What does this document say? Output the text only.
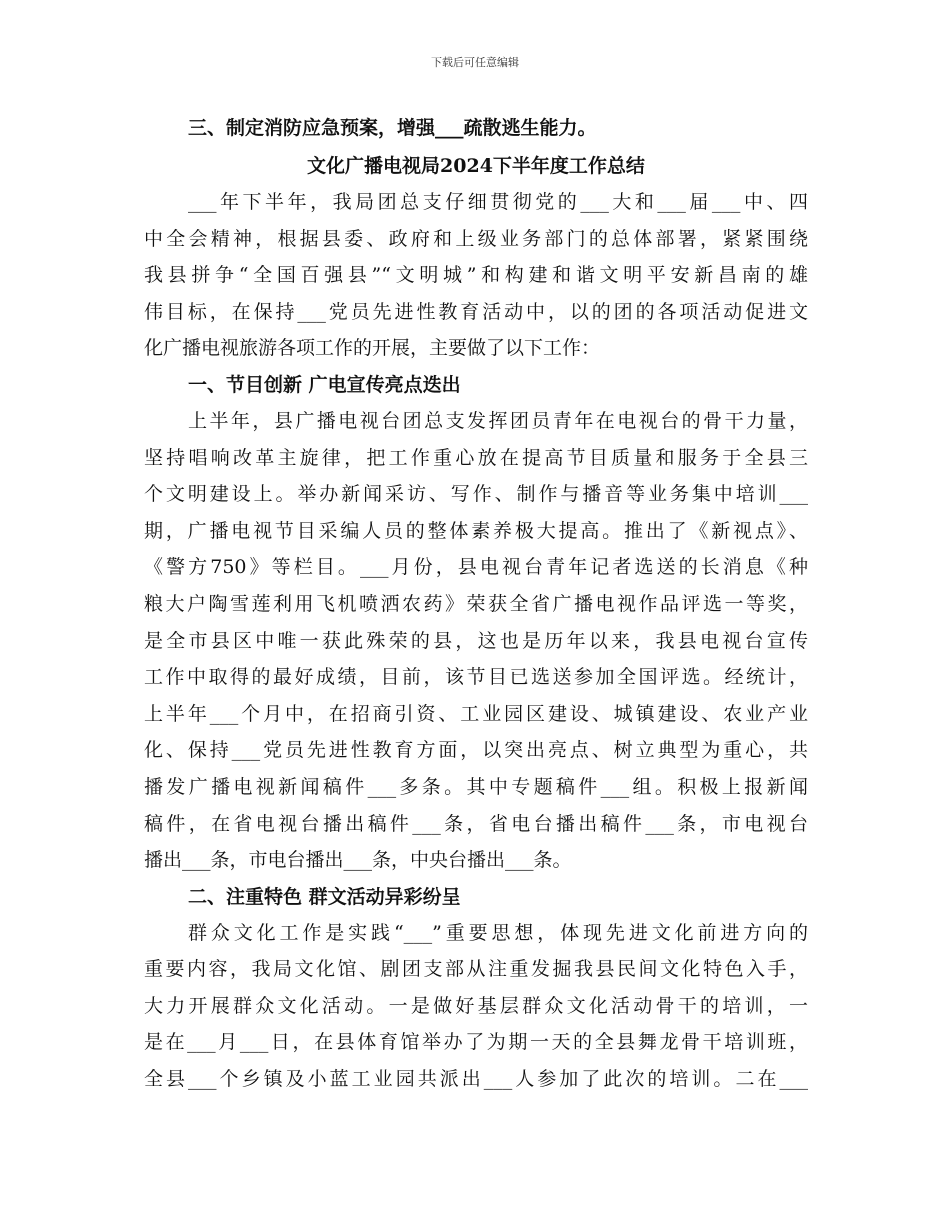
下载后可任意编辑
三、制定消防应急预案，增强___疏散逃生能力。
文化广播电视局2024下半年度工作总结
___年下半年，我局团总支仔细贯彻党的___大和___届___中、四
中全会精神，根据县委、政府和上级业务部门的总体部署，紧紧围绕
我县拼争“全国百强县”“文明城”和构建和谐文明平安新昌南的雄
伟目标，在保持___党员先进性教育活动中，以的团的各项活动促进文
化广播电视旅游各项工作的开展，主要做了以下工作：
一、节目创新 广电宣传亮点迭出
上半年，县广播电视台团总支发挥团员青年在电视台的骨干力量，
坚持唱响改革主旋律，把工作重心放在提高节目质量和服务于全县三
个文明建设上。举办新闻采访、写作、制作与播音等业务集中培训___
期，广播电视节目采编人员的整体素养极大提高。推出了《新视点》、
《警方750》等栏目。___月份，县电视台青年记者选送的长消息《种
粮大户陶雪莲利用飞机喷洒农药》荣获全省广播电视作品评选一等奖，
是全市县区中唯一获此殊荣的县，这也是历年以来，我县电视台宣传
工作中取得的最好成绩，目前，该节目已选送参加全国评选。经统计，
上半年___个月中，在招商引资、工业园区建设、城镇建设、农业产业
化、保持___党员先进性教育方面，以突出亮点、树立典型为重心，共
播发广播电视新闻稿件___多条。其中专题稿件___组。积极上报新闻
稿件，在省电视台播出稿件___条，省电台播出稿件___条，市电视台
播出___条，市电台播出___条，中央台播出___条。
二、注重特色 群文活动异彩纷呈
群众文化工作是实践“___”重要思想，体现先进文化前进方向的
重要内容，我局文化馆、剧团支部从注重发掘我县民间文化特色入手，
大力开展群众文化活动。一是做好基层群众文化活动骨干的培训，一
是在___月___日，在县体育馆举办了为期一天的全县舞龙骨干培训班，
全县___个乡镇及小蓝工业园共派出___人参加了此次的培训。二在___
